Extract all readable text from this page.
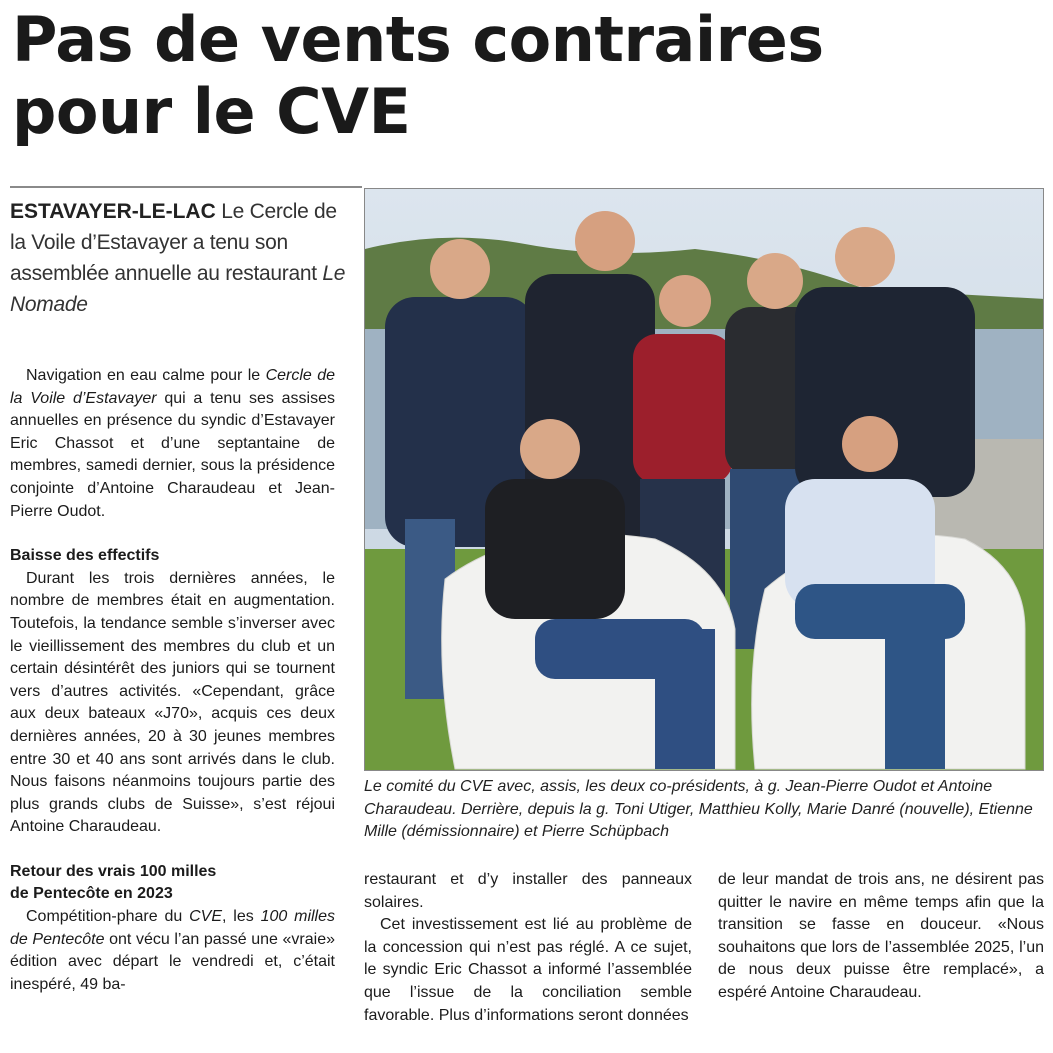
Pas de vents contraires
pour le CVE
ESTAVAYER-LE-LAC Le Cercle de la Voile d’Estavayer a tenu son assemblée annuelle au restaurant Le Nomade

Navigation en eau calme pour le Cercle de la Voile d’Estavayer qui a tenu ses assises annuelles en présence du syndic d’Estavayer Eric Chassot et d’une septantaine de membres, samedi dernier, sous la présidence conjointe d’Antoine Charaudeau et Jean-Pierre Oudot.

Baisse des effectifs

Durant les trois dernières années, le nombre de membres était en augmentation. Toutefois, la tendance semble s’inverser avec le vieillissement des membres du club et un certain désintérêt des juniors qui se tournent vers d’autres activités. «Cependant, grâce aux deux bateaux «J70», acquis ces deux dernières années, 20 à 30 jeunes membres entre 30 et 40 ans sont arrivés dans le club. Nous faisons néanmoins toujours partie des plus grands clubs de Suisse», s’est réjoui Antoine Charaudeau.

Retour des vrais 100 milles
de Pentecôte en 2023

Compétition-phare du CVE, les 100 milles de Pentecôte ont vécu l’an passé une «vraie» édition avec départ le vendredi et, c’était inespéré, 49 ba-

Le comité du CVE avec, assis, les deux co-présidents, à g. Jean-Pierre Oudot et Antoine Charaudeau. Derrière, depuis la g. Toni Utiger, Matthieu Kolly, Marie Danré (nouvelle), Etienne Mille (démissionnaire) et Pierre Schüpbach

restaurant et d’y installer des panneaux solaires.

Cet investissement est lié au problème de la concession qui n’est pas réglé. A ce sujet, le syndic Eric Chassot a informé l’assemblée que l’issue de la conciliation semble favorable. Plus d’informations seront données

de leur mandat de trois ans, ne désirent pas quitter le navire en même temps afin que la transition se fasse en douceur. «Nous souhaitons que lors de l’assemblée 2025, l’un de nous deux puisse être remplacé», a espéré Antoine Charaudeau.
